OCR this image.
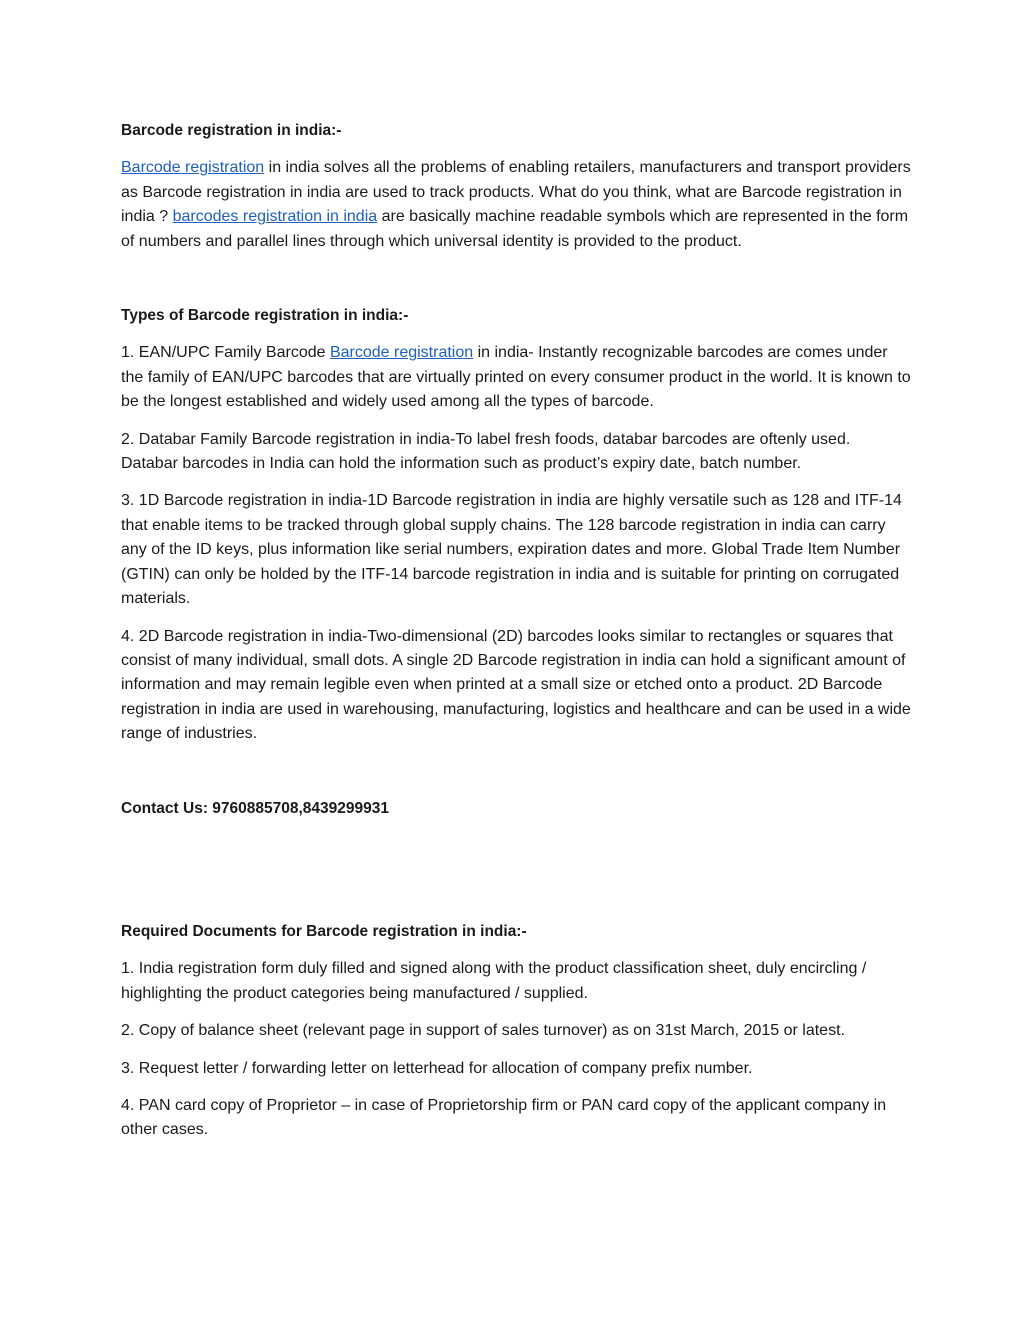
Barcode registration in india:-

Barcode registration in india solves all the problems of enabling retailers, manufacturers and transport providers as Barcode registration in india are used to track products. What do you think, what are Barcode registration in india ? barcodes registration in india are basically machine readable symbols which are represented in the form of numbers and parallel lines through which universal identity is provided to the product.

Types of Barcode registration in india:-

1. EAN/UPC Family Barcode Barcode registration in india- Instantly recognizable barcodes are comes under the family of EAN/UPC barcodes that are virtually printed on every consumer product in the world. It is known to be the longest established and widely used among all the types of barcode.

2. Databar Family Barcode registration in india-To label fresh foods, databar barcodes are oftenly used. Databar barcodes in India can hold the information such as product’s expiry date, batch number.

3. 1D Barcode registration in india-1D Barcode registration in india are highly versatile such as 128 and ITF-14 that enable items to be tracked through global supply chains. The 128 barcode registration in india can carry any of the ID keys, plus information like serial numbers, expiration dates and more. Global Trade Item Number (GTIN) can only be holded by the ITF-14 barcode registration in india and is suitable for printing on corrugated materials.

4. 2D Barcode registration in india-Two-dimensional (2D) barcodes looks similar to rectangles or squares that consist of many individual, small dots. A single 2D Barcode registration in india can hold a significant amount of information and may remain legible even when printed at a small size or etched onto a product. 2D Barcode registration in india are used in warehousing, manufacturing, logistics and healthcare and can be used in a wide range of industries.

Contact Us: 9760885708,8439299931
Required Documents for Barcode registration in india:-

1. India registration form duly filled and signed along with the product classification sheet, duly encircling / highlighting the product categories being manufactured / supplied.

2. Copy of balance sheet (relevant page in support of sales turnover) as on 31st March, 2015 or latest.

3. Request letter / forwarding letter on letterhead for allocation of company prefix number.

4. PAN card copy of Proprietor – in case of Proprietorship firm or PAN card copy of the applicant company in other cases.
